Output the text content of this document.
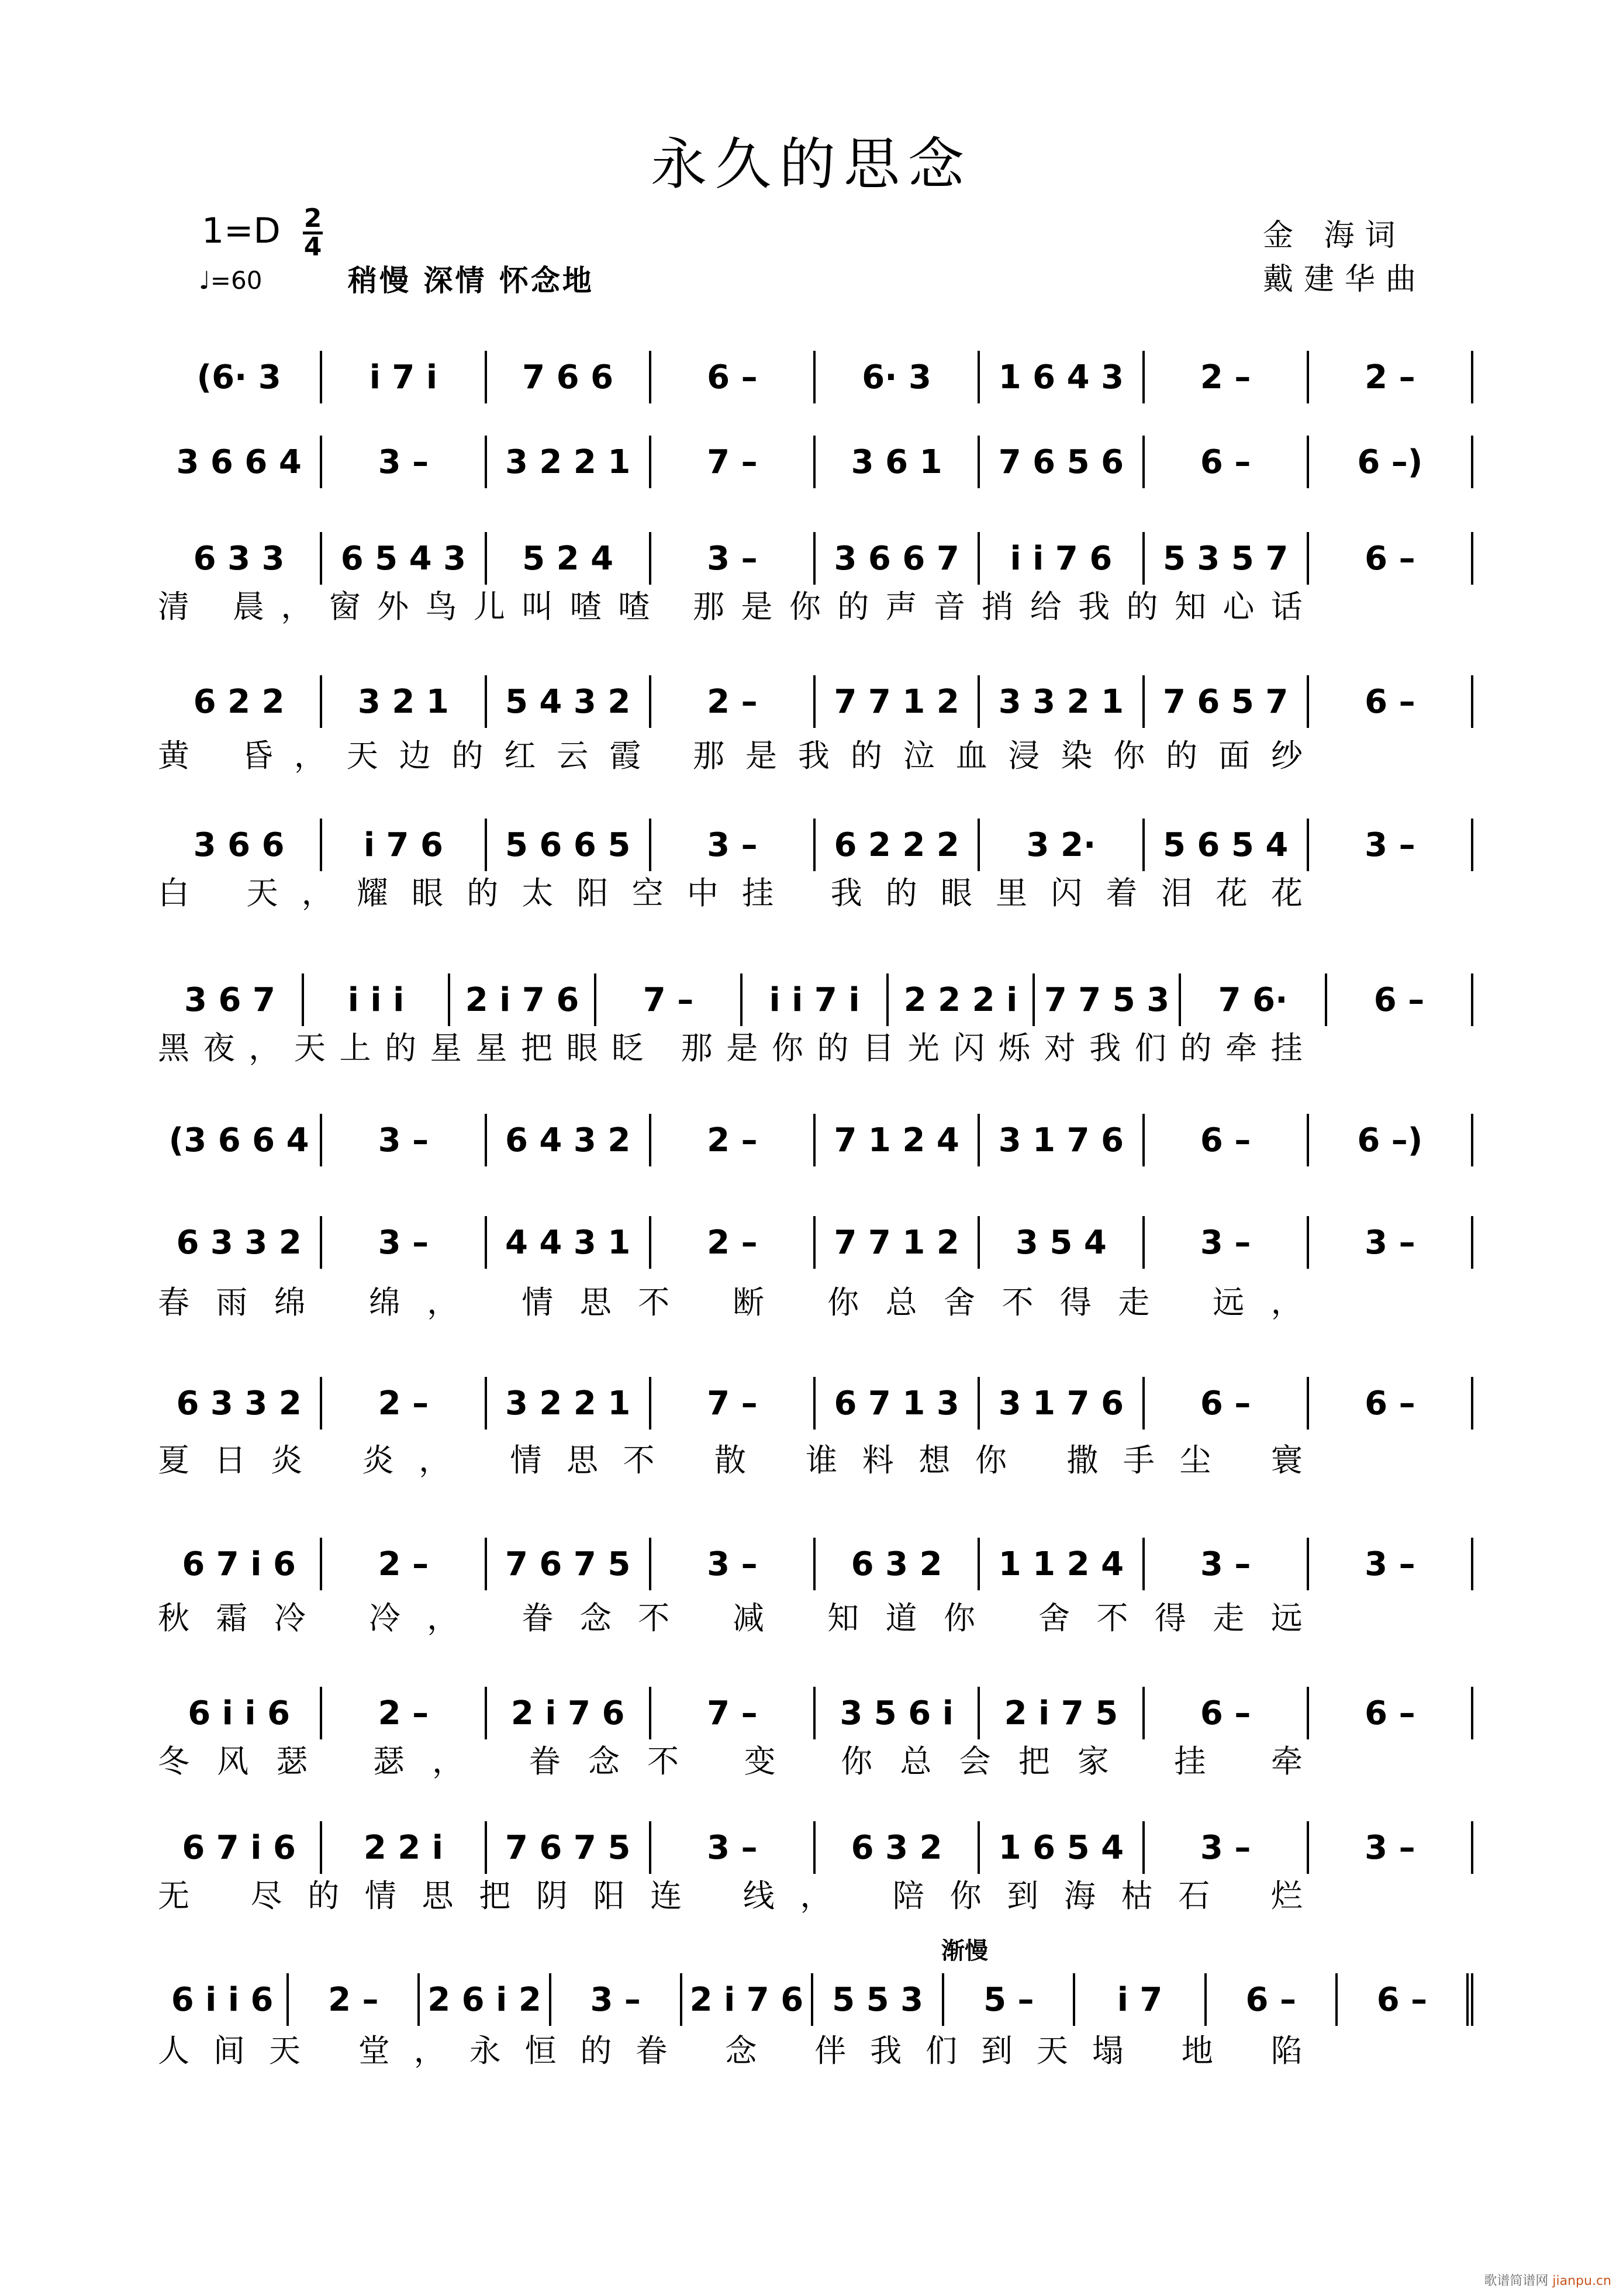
永久的思念
1=D 2
4
♩=60	稍慢 深情 怀念地
金 海词
戴建华曲
渐慢
(6· 3	i 7 i	7 6 6	6 –	6· 3	1 6 4 3	2 –	2 –
3 6 6 4	3 –	3 2 2 1	7 –	3 6 1	7 6 5 6	6 –	6 –)
6 3 3	6 5 4 3	5 2 4	3 –	3 6 6 7	i i 7 6	5 3 5 7	6 –
清
晨 ， 窗 外 鸟 儿 叫 喳 喳
那 是 你 的 声 音 捎 给 我 的 知 心 话
6 2 2	3 2 1	5 4 3 2	2 –	7 7 1 2	3 3 2 1	7 6 5 7	6 –
黄
昏 ， 天 边 的 红 云 霞
那 是 我 的 泣 血 浸 染 你 的 面 纱
3 6 6	i 7 6	5 6 6 5	3 –	6 2 2 2	3 2·	5 6 5 4	3 –
白
天 ， 耀 眼 的 太 阳 空 中 挂
我 的 眼 里 闪 着 泪 花 花
3 6 7	i i i	2 i 7 6	7 –	i i 7 i	2 2 2 i 7 7 5 3	7 6·	6 –
黑 夜 ， 天 上 的 星 星 把 眼 眨
那 是 你 的 目 光 闪 烁 对 我 们 的 牵 挂
(3 6 6 4	3 –	6 4 3 2	2 –	7 1 2 4	3 1 7 6	6 –	6 –)
6 3 3 2	3 –	4 4 3 1	2 –	7 7 1 2	3 5 4	3 –	3 –
春 雨 绵
绵 ，
情 思 不
断
你 总 舍 不 得 走
远 ，
6 3 3 2	2 –	3 2 2 1	7 –	6 7 1 3	3 1 7 6	6 –	6 –
夏 日 炎
炎 ，
情 思 不
散
谁 料 想 你
撒 手 尘
寰
6 7 i 6	2 –	7 6 7 5	3 –	6 3 2	1 1 2 4	3 –	3 –
秋 霜 冷
冷 ，
眷 念 不
减
知 道 你
舍 不 得 走 远
6 i i 6	2 –	2 i 7 6	7 –	3 5 6 i	2 i 7 5	6 –	6 –
冬 风 瑟
瑟 ，
眷 念 不
变
你 总 会 把 家
挂
牵
6 7 i 6	2 2 i	7 6 7 5	3 –	6 3 2	1 6 5 4	3 –	3 –
无
尽 的 情 思 把 阴 阳 连
线 ，
陪 你 到 海 枯 石
烂
6 i i 6	2 –	2 6 i 2	3 –	2 i 7 6 5 5 3	5 –	i 7	6 –	6 –
人 间 天
堂 ， 永 恒 的 眷
念
伴 我 们 到 天 塌
地
陷
歌谱简谱网 jianpu.cn
